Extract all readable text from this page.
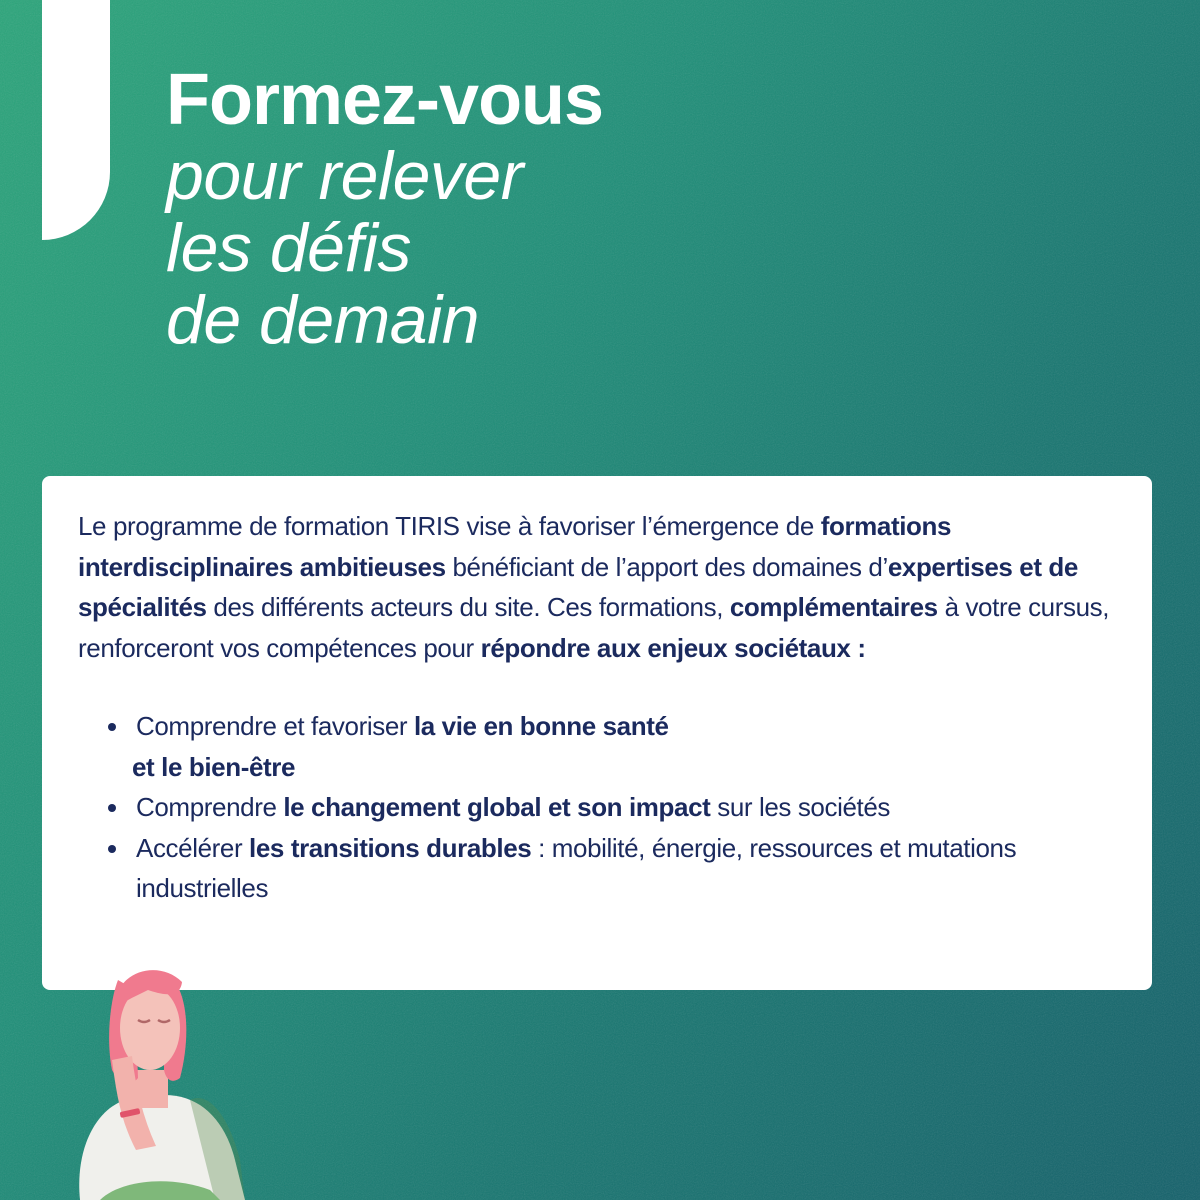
Formez-vous
pour relever
les défis
de demain

Le programme de formation TIRIS vise à favoriser l’émergence de formations interdisciplinaires ambitieuses bénéficiant de l’apport des domaines d’expertises et de spécialités des différents acteurs du site. Ces formations, complémentaires à votre cursus, renforceront vos compétences pour répondre aux enjeux sociétaux :

Comprendre et favoriser la vie en bonne santé
et le bien-être
Comprendre le changement global et son impact sur les sociétés
Accélérer les transitions durables : mobilité, énergie, ressources et mutations industrielles
